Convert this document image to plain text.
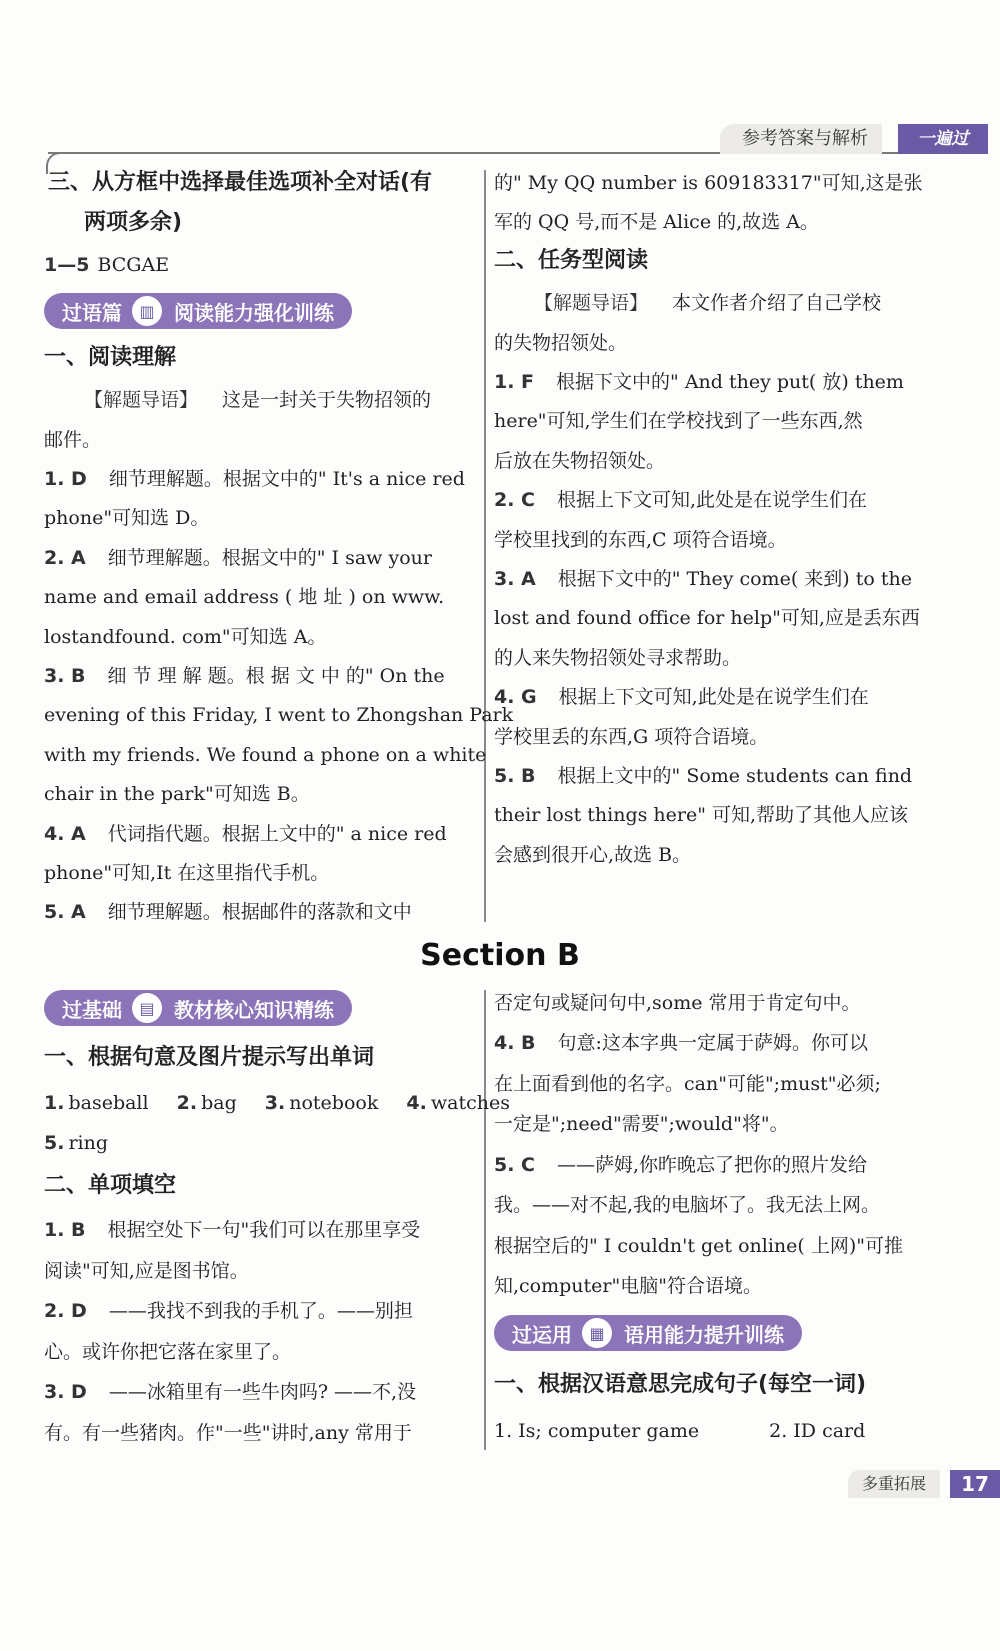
参考答案与解析	一遍过
三、从方框中选择最佳选项补全对话(有
两项多余)
1—5 BCGAE
过语篇	▥ 阅读能力强化训练
一、阅读理解
【解题导语】 这是一封关于失物招领的
邮件。
1. D 细节理解题。根据文中的" It's a nice red
phone"可知选 D。
2. A 细节理解题。根据文中的" I saw your
name and email address ( 地 址 ) on www.
lostandfound. com"可知选 A。
3. B 细 节 理 解 题。根 据 文 中 的" On the
evening of this Friday, I went to Zhongshan Park
with my friends. We found a phone on a white
chair in the park"可知选 B。
4. A 代词指代题。根据上文中的" a nice red
phone"可知,It 在这里指代手机。
5. A 细节理解题。根据邮件的落款和文中
的" My QQ number is 609183317"可知,这是张
军的 QQ 号,而不是 Alice 的,故选 A。
二、任务型阅读
【解题导语】 本文作者介绍了自己学校
的失物招领处。
1. F 根据下文中的" And they put( 放) them
here"可知,学生们在学校找到了一些东西,然
后放在失物招领处。
2. C 根据上下文可知,此处是在说学生们在
学校里找到的东西,C 项符合语境。
3. A 根据下文中的" They come( 来到) to the
lost and found office for help"可知,应是丢东西
的人来失物招领处寻求帮助。
4. G 根据上下文可知,此处是在说学生们在
学校里丢的东西,G 项符合语境。
5. B 根据上文中的" Some students can find
their lost things here" 可知,帮助了其他人应该
会感到很开心,故选 B。
Section B
过基础	▤ 教材核心知识精练
一、根据句意及图片提示写出单词
1. baseball 2. bag 3. notebook 4. watches
5. ring
二、单项填空
1. B 根据空处下一句"我们可以在那里享受
阅读"可知,应是图书馆。
2. D ——我找不到我的手机了。——别担
心。或许你把它落在家里了。
3. D ——冰箱里有一些牛肉吗? ——不,没
有。有一些猪肉。作"一些"讲时,any 常用于
否定句或疑问句中,some 常用于肯定句中。
4. B 句意:这本字典一定属于萨姆。你可以
在上面看到他的名字。can"可能";must"必须;
一定是";need"需要";would"将"。
5. C ——萨姆,你昨晚忘了把你的照片发给
我。——对不起,我的电脑坏了。我无法上网。
根据空后的" I couldn't get online( 上网)"可推
知,computer"电脑"符合语境。
过运用	▦ 语用能力提升训练
一、根据汉语意思完成句子(每空一词)
1. Is; computer game	2. ID card
多重拓展	17
